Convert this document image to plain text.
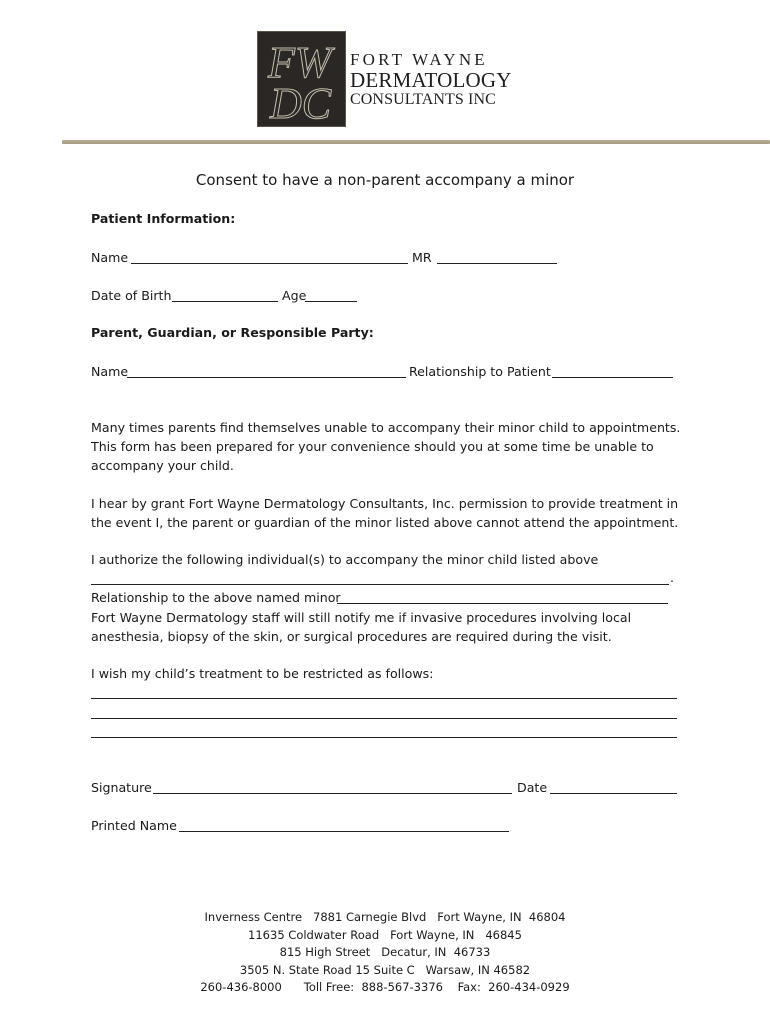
FW
DC
FORT WAYNE
DERMATOLOGY
CONSULTANTS INC
Consent to have a non-parent accompany a minor
Patient Information:
Name	MR
Date of Birth	Age
Parent, Guardian, or Responsible Party:
Name	Relationship to Patient
Many times parents find themselves unable to accompany their minor child to appointments. This form has been prepared for your convenience should you at some time be unable to accompany your child.
I hear by grant Fort Wayne Dermatology Consultants, Inc. permission to provide treatment in the event I, the parent or guardian of the minor listed above cannot attend the appointment.
I authorize the following individual(s) to accompany the minor child listed above
.
Relationship to the above named minor
Fort Wayne Dermatology staff will still notify me if invasive procedures involving local anesthesia, biopsy of the skin, or surgical procedures are required during the visit.
I wish my child’s treatment to be restricted as follows:
Signature	Date
Printed Name
Inverness Centre   7881 Carnegie Blvd   Fort Wayne, IN  46804
11635 Coldwater Road   Fort Wayne, IN   46845
815 High Street   Decatur, IN  46733
3505 N. State Road 15 Suite C   Warsaw, IN 46582
260-436-8000      Toll Free:  888-567-3376    Fax:  260-434-0929
